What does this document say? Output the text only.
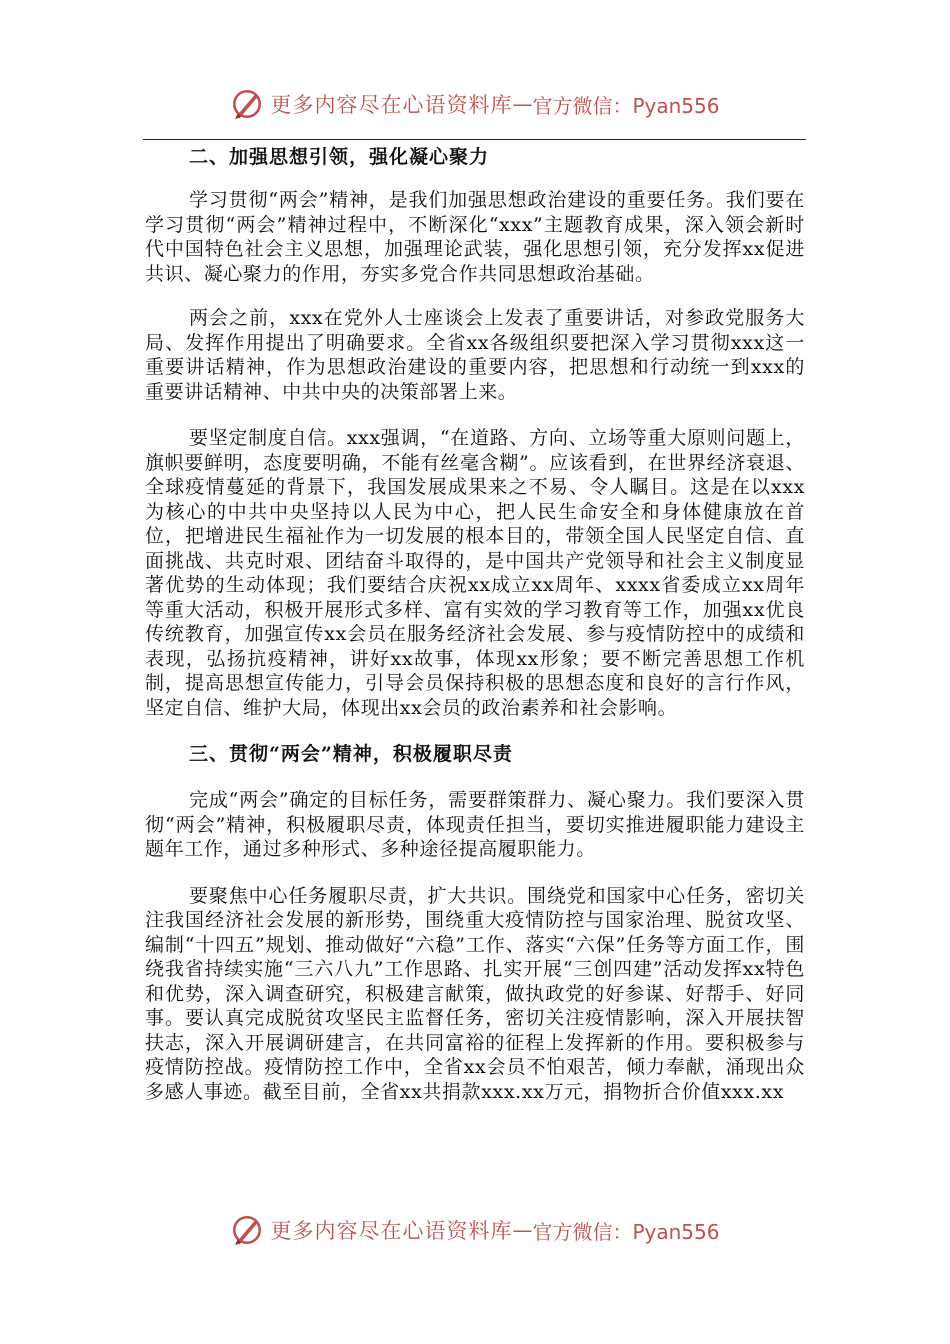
更多内容尽在心语资料库 — 官方微信：Pyan556

二、加强思想引领，强化凝心聚力

学习贯彻“两会”精神，是我们加强思想政治建设的重要任务。我们要在学习贯彻“两会”精神过程中，不断深化“xxx”主题教育成果，深入领会新时代中国特色社会主义思想，加强理论武装，强化思想引领，充分发挥xx促进共识、凝心聚力的作用，夯实多党合作共同思想政治基础。

两会之前，xxx在党外人士座谈会上发表了重要讲话，对参政党服务大局、发挥作用提出了明确要求。全省xx各级组织要把深入学习贯彻xxx这一重要讲话精神，作为思想政治建设的重要内容，把思想和行动统一到xxx的重要讲话精神、中共中央的决策部署上来。

要坚定制度自信。xxx强调，“在道路、方向、立场等重大原则问题上，旗帜要鲜明，态度要明确，不能有丝毫含糊”。应该看到，在世界经济衰退、全球疫情蔓延的背景下，我国发展成果来之不易、令人瞩目。这是在以xxx为核心的中共中央坚持以人民为中心，把人民生命安全和身体健康放在首位，把增进民生福祉作为一切发展的根本目的，带领全国人民坚定自信、直面挑战、共克时艰、团结奋斗取得的，是中国共产党领导和社会主义制度显著优势的生动体现；我们要结合庆祝xx成立xx周年、xxxx省委成立xx周年等重大活动，积极开展形式多样、富有实效的学习教育等工作，加强xx优良传统教育，加强宣传xx会员在服务经济社会发展、参与疫情防控中的成绩和表现，弘扬抗疫精神，讲好xx故事，体现xx形象；要不断完善思想工作机制，提高思想宣传能力，引导会员保持积极的思想态度和良好的言行作风，坚定自信、维护大局，体现出xx会员的政治素养和社会影响。

三、贯彻“两会”精神，积极履职尽责

完成“两会”确定的目标任务，需要群策群力、凝心聚力。我们要深入贯彻“两会”精神，积极履职尽责，体现责任担当，要切实推进履职能力建设主题年工作，通过多种形式、多种途径提高履职能力。

要聚焦中心任务履职尽责，扩大共识。围绕党和国家中心任务，密切关注我国经济社会发展的新形势，围绕重大疫情防控与国家治理、脱贫攻坚、编制“十四五”规划、推动做好“六稳”工作、落实“六保”任务等方面工作，围绕我省持续实施“三六八九”工作思路、扎实开展“三创四建”活动发挥xx特色和优势，深入调查研究，积极建言献策，做执政党的好参谋、好帮手、好同事。要认真完成脱贫攻坚民主监督任务，密切关注疫情影响，深入开展扶智扶志，深入开展调研建言，在共同富裕的征程上发挥新的作用。要积极参与疫情防控战。疫情防控工作中，全省xx会员不怕艰苦，倾力奉献，涌现出众多感人事迹。截至目前，全省xx共捐款xxx.xx万元，捐物折合价值xxx.xx

更多内容尽在心语资料库 — 官方微信：Pyan556
